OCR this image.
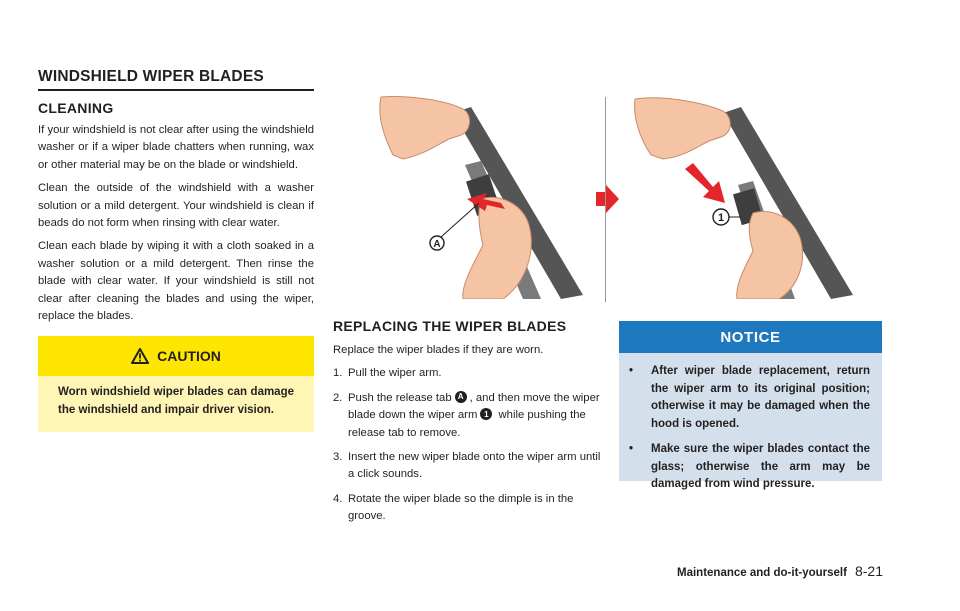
WINDSHIELD WIPER BLADES
CLEANING

If your windshield is not clear after using the windshield washer or if a wiper blade chatters when running, wax or other material may be on the blade or windshield.

Clean the outside of the windshield with a washer solution or a mild detergent. Your windshield is clean if beads do not form when rinsing with clear water.

Clean each blade by wiping it with a cloth soaked in a washer solution or a mild detergent. Then rinse the blade with clear water. If your windshield is still not clear after cleaning the blades and using the wiper, replace the blades.

CAUTION
Worn windshield wiper blades can damage the windshield and impair driver vision.
A
1
REPLACING THE WIPER BLADES

Replace the wiper blades if they are worn.

1. Pull the wiper arm.
2. Push the release tab A , and then move the wiper blade down the wiper arm 1 while pushing the release tab to remove.
3. Insert the new wiper blade onto the wiper arm until a click sounds.
4. Rotate the wiper blade so the dimple is in the groove.
NOTICE
•	After wiper blade replacement, return the wiper arm to its original position; otherwise it may be damaged when the hood is opened.
•	Make sure the wiper blades contact the glass; otherwise the arm may be damaged from wind pressure.
Maintenance and do-it-yourself 8-21
